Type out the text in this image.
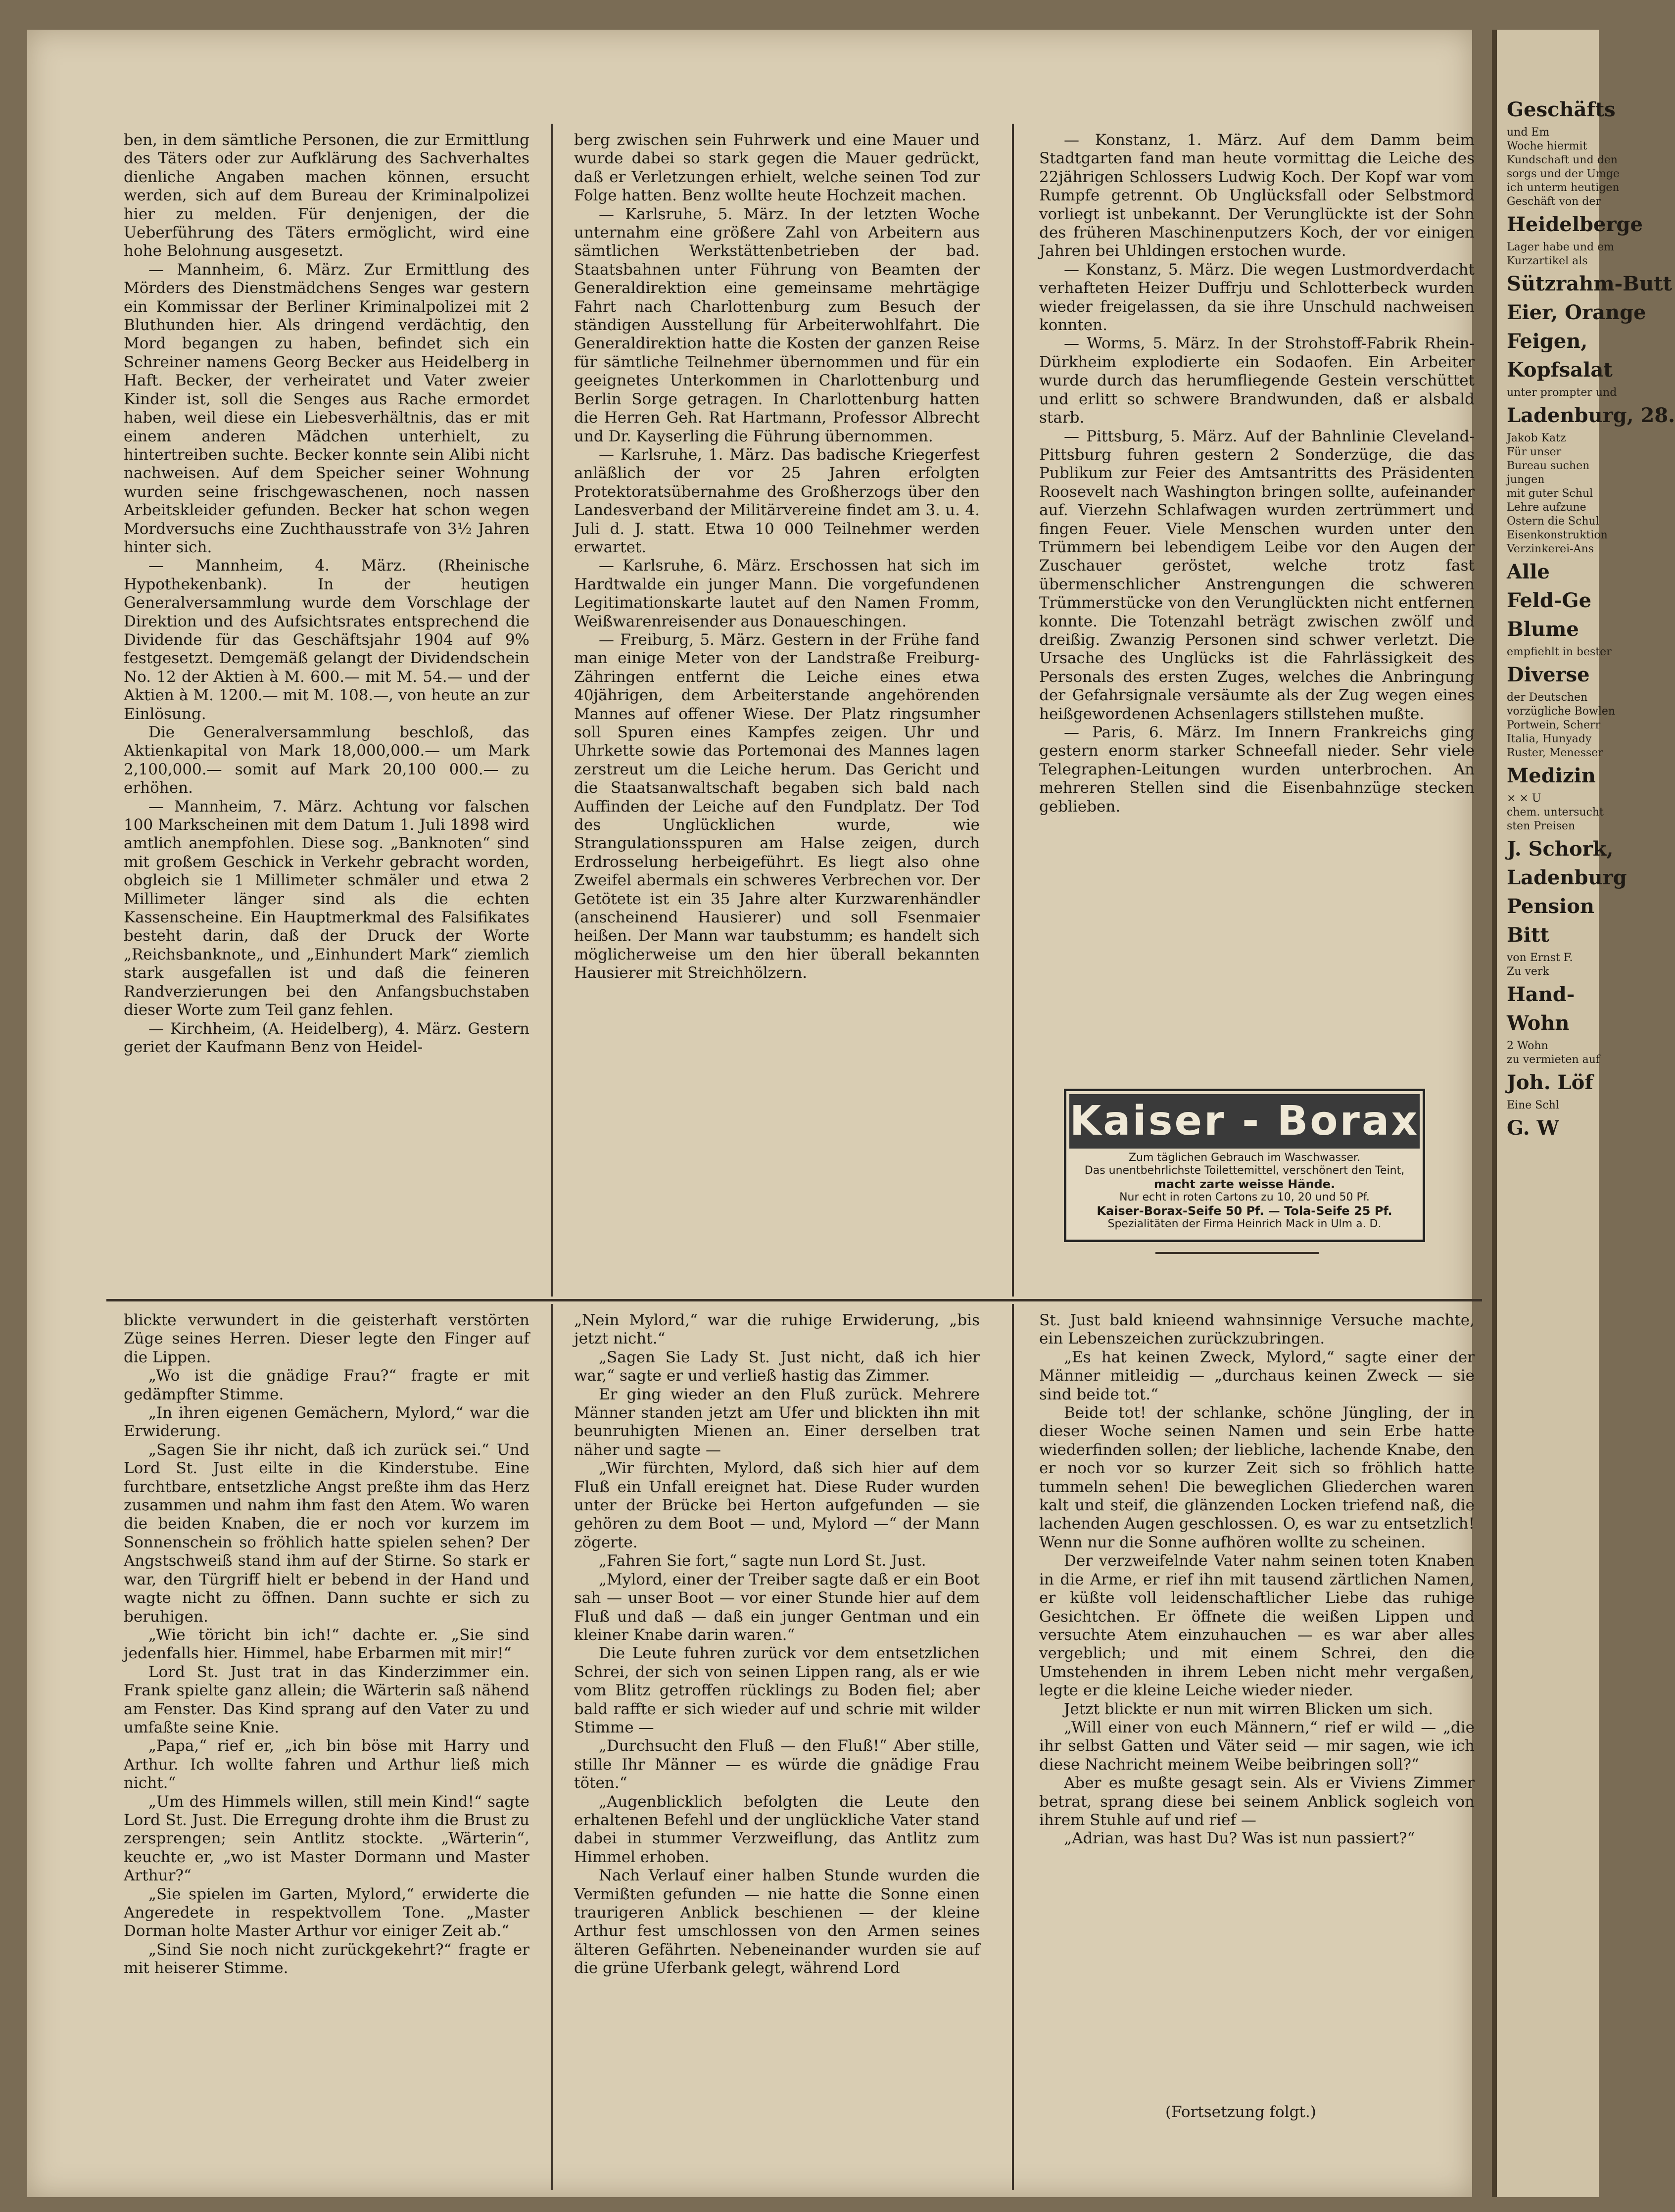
ben, in dem sämtliche Personen, die zur Ermittlung des Täters oder zur Aufklärung des Sachverhaltes dienliche Angaben machen können, ersucht werden, sich auf dem Bureau der Kriminalpolizei hier zu melden. Für denjenigen, der die Ueberführung des Täters ermöglicht, wird eine hohe Belohnung ausgesetzt.

— Mannheim, 6. März. Zur Ermittlung des Mörders des Dienstmädchens Senges war gestern ein Kommissar der Berliner Kriminalpolizei mit 2 Bluthunden hier. Als dringend verdächtig, den Mord begangen zu haben, befindet sich ein Schreiner namens Georg Becker aus Heidelberg in Haft. Becker, der verheiratet und Vater zweier Kinder ist, soll die Senges aus Rache ermordet haben, weil diese ein Liebesverhältnis, das er mit einem anderen Mädchen unterhielt, zu hintertreiben suchte. Becker konnte sein Alibi nicht nachweisen. Auf dem Speicher seiner Wohnung wurden seine frischgewaschenen, noch nassen Arbeitskleider gefunden. Becker hat schon wegen Mordversuchs eine Zuchthausstrafe von 3½ Jahren hinter sich.

— Mannheim, 4. März. (Rheinische Hypothekenbank). In der heutigen Generalversammlung wurde dem Vorschlage der Direktion und des Aufsichtsrates entsprechend die Dividende für das Geschäftsjahr 1904 auf 9% festgesetzt. Demgemäß gelangt der Dividendschein No. 12 der Aktien à M. 600.— mit M. 54.— und der Aktien à M. 1200.— mit M. 108.—, von heute an zur Einlösung.

Die Generalversammlung beschloß, das Aktienkapital von Mark 18,000,000.— um Mark 2,100,000.— somit auf Mark 20,100 000.— zu erhöhen.

— Mannheim, 7. März. Achtung vor falschen 100 Markscheinen mit dem Datum 1. Juli 1898 wird amtlich anempfohlen. Diese sog. „Banknoten“ sind mit großem Geschick in Verkehr gebracht worden, obgleich sie 1 Millimeter schmäler und etwa 2 Millimeter länger sind als die echten Kassenscheine. Ein Hauptmerkmal des Falsifikates besteht darin, daß der Druck der Worte „Reichsbanknote„ und „Einhundert Mark“ ziemlich stark ausgefallen ist und daß die feineren Randverzierungen bei den Anfangsbuchstaben dieser Worte zum Teil ganz fehlen.

— Kirchheim, (A. Heidelberg), 4. März. Gestern geriet der Kaufmann Benz von Heidel-

berg zwischen sein Fuhrwerk und eine Mauer und wurde dabei so stark gegen die Mauer gedrückt, daß er Verletzungen erhielt, welche seinen Tod zur Folge hatten. Benz wollte heute Hochzeit machen.

— Karlsruhe, 5. März. In der letzten Woche unternahm eine größere Zahl von Arbeitern aus sämtlichen Werkstättenbetrieben der bad. Staatsbahnen unter Führung von Beamten der Generaldirektion eine gemeinsame mehrtägige Fahrt nach Charlottenburg zum Besuch der ständigen Ausstellung für Arbeiterwohlfahrt. Die Generaldirektion hatte die Kosten der ganzen Reise für sämtliche Teilnehmer übernommen und für ein geeignetes Unterkommen in Charlottenburg und Berlin Sorge getragen. In Charlottenburg hatten die Herren Geh. Rat Hartmann, Professor Albrecht und Dr. Kayserling die Führung übernommen.

— Karlsruhe, 1. März. Das badische Kriegerfest anläßlich der vor 25 Jahren erfolgten Protektoratsübernahme des Großherzogs über den Landesverband der Militärvereine findet am 3. u. 4. Juli d. J. statt. Etwa 10 000 Teilnehmer werden erwartet.

— Karlsruhe, 6. März. Erschossen hat sich im Hardtwalde ein junger Mann. Die vorgefundenen Legitimationskarte lautet auf den Namen Fromm, Weißwarenreisender aus Donaueschingen.

— Freiburg, 5. März. Gestern in der Frühe fand man einige Meter von der Landstraße Freiburg-Zähringen entfernt die Leiche eines etwa 40jährigen, dem Arbeiterstande angehörenden Mannes auf offener Wiese. Der Platz ringsumher soll Spuren eines Kampfes zeigen. Uhr und Uhrkette sowie das Portemonai des Mannes lagen zerstreut um die Leiche herum. Das Gericht und die Staatsanwaltschaft begaben sich bald nach Auffinden der Leiche auf den Fundplatz. Der Tod des Unglücklichen wurde, wie Strangulationsspuren am Halse zeigen, durch Erdrosselung herbeigeführt. Es liegt also ohne Zweifel abermals ein schweres Verbrechen vor. Der Getötete ist ein 35 Jahre alter Kurzwarenhändler (anscheinend Hausierer) und soll Fsenmaier heißen. Der Mann war taubstumm; es handelt sich möglicherweise um den hier überall bekannten Hausierer mit Streichhölzern.

— Konstanz, 1. März. Auf dem Damm beim Stadtgarten fand man heute vormittag die Leiche des 22jährigen Schlossers Ludwig Koch. Der Kopf war vom Rumpfe getrennt. Ob Unglücksfall oder Selbstmord vorliegt ist unbekannt. Der Verunglückte ist der Sohn des früheren Maschinenputzers Koch, der vor einigen Jahren bei Uhldingen erstochen wurde.

— Konstanz, 5. März. Die wegen Lustmordverdacht verhafteten Heizer Duffrju und Schlotterbeck wurden wieder freigelassen, da sie ihre Unschuld nachweisen konnten.

— Worms, 5. März. In der Strohstoff-Fabrik Rhein-Dürkheim explodierte ein Sodaofen. Ein Arbeiter wurde durch das herumfliegende Gestein verschüttet und erlitt so schwere Brandwunden, daß er alsbald starb.

— Pittsburg, 5. März. Auf der Bahnlinie Cleveland-Pittsburg fuhren gestern 2 Sonderzüge, die das Publikum zur Feier des Amtsantritts des Präsidenten Roosevelt nach Washington bringen sollte, aufeinander auf. Vierzehn Schlafwagen wurden zertrümmert und fingen Feuer. Viele Menschen wurden unter den Trümmern bei lebendigem Leibe vor den Augen der Zuschauer geröstet, welche trotz fast übermenschlicher Anstrengungen die schweren Trümmerstücke von den Verunglückten nicht entfernen konnte. Die Totenzahl beträgt zwischen zwölf und dreißig. Zwanzig Personen sind schwer verletzt. Die Ursache des Unglücks ist die Fahrlässigkeit des Personals des ersten Zuges, welches die Anbringung der Gefahrsignale versäumte als der Zug wegen eines heißgewordenen Achsenlagers stillstehen mußte.

— Paris, 6. März. Im Innern Frankreichs ging gestern enorm starker Schneefall nieder. Sehr viele Telegraphen-Leitungen wurden unterbrochen. An mehreren Stellen sind die Eisenbahnzüge stecken geblieben.

Kaiser - Borax
Zum täglichen Gebrauch im Waschwasser.
Das unentbehrlichste Toilettemittel, verschönert den Teint,
macht zarte weisse Hände.
Nur echt in roten Cartons zu 10, 20 und 50 Pf.
Kaiser-Borax-Seife 50 Pf. — Tola-Seife 25 Pf.
Spezialitäten der Firma Heinrich Mack in Ulm a. D.

blickte verwundert in die geisterhaft verstörten Züge seines Herren. Dieser legte den Finger auf die Lippen.

„Wo ist die gnädige Frau?“ fragte er mit gedämpfter Stimme.

„In ihren eigenen Gemächern, Mylord,“ war die Erwiderung.

„Sagen Sie ihr nicht, daß ich zurück sei.“ Und Lord St. Just eilte in die Kinderstube. Eine furchtbare, entsetzliche Angst preßte ihm das Herz zusammen und nahm ihm fast den Atem. Wo waren die beiden Knaben, die er noch vor kurzem im Sonnenschein so fröhlich hatte spielen sehen? Der Angstschweiß stand ihm auf der Stirne. So stark er war, den Türgriff hielt er bebend in der Hand und wagte nicht zu öffnen. Dann suchte er sich zu beruhigen.

„Wie töricht bin ich!“ dachte er. „Sie sind jedenfalls hier. Himmel, habe Erbarmen mit mir!“

Lord St. Just trat in das Kinderzimmer ein. Frank spielte ganz allein; die Wärterin saß nähend am Fenster. Das Kind sprang auf den Vater zu und umfaßte seine Knie.

„Papa,“ rief er, „ich bin böse mit Harry und Arthur. Ich wollte fahren und Arthur ließ mich nicht.“

„Um des Himmels willen, still mein Kind!“ sagte Lord St. Just. Die Erregung drohte ihm die Brust zu zersprengen; sein Antlitz stockte. „Wärterin“, keuchte er, „wo ist Master Dormann und Master Arthur?“

„Sie spielen im Garten, Mylord,“ erwiderte die Angeredete in respektvollem Tone. „Master Dorman holte Master Arthur vor einiger Zeit ab.“

„Sind Sie noch nicht zurückgekehrt?“ fragte er mit heiserer Stimme.

„Nein Mylord,“ war die ruhige Erwiderung, „bis jetzt nicht.“

„Sagen Sie Lady St. Just nicht, daß ich hier war,“ sagte er und verließ hastig das Zimmer.

Er ging wieder an den Fluß zurück. Mehrere Männer standen jetzt am Ufer und blickten ihn mit beunruhigten Mienen an. Einer derselben trat näher und sagte —

„Wir fürchten, Mylord, daß sich hier auf dem Fluß ein Unfall ereignet hat. Diese Ruder wurden unter der Brücke bei Herton aufgefunden — sie gehören zu dem Boot — und, Mylord —“ der Mann zögerte.

„Fahren Sie fort,“ sagte nun Lord St. Just.

„Mylord, einer der Treiber sagte daß er ein Boot sah — unser Boot — vor einer Stunde hier auf dem Fluß und daß — daß ein junger Gentman und ein kleiner Knabe darin waren.“

Die Leute fuhren zurück vor dem entsetzlichen Schrei, der sich von seinen Lippen rang, als er wie vom Blitz getroffen rücklings zu Boden fiel; aber bald raffte er sich wieder auf und schrie mit wilder Stimme —

„Durchsucht den Fluß — den Fluß!“ Aber stille, stille Ihr Männer — es würde die gnädige Frau töten.“

„Augenblicklich befolgten die Leute den erhaltenen Befehl und der unglückliche Vater stand dabei in stummer Verzweiflung, das Antlitz zum Himmel erhoben.

Nach Verlauf einer halben Stunde wurden die Vermißten gefunden — nie hatte die Sonne einen traurigeren Anblick beschienen — der kleine Arthur fest umschlossen von den Armen seines älteren Gefährten. Nebeneinander wurden sie auf die grüne Uferbank gelegt, während Lord

St. Just bald knieend wahnsinnige Versuche machte, ein Lebenszeichen zurückzubringen.

„Es hat keinen Zweck, Mylord,“ sagte einer der Männer mitleidig — „durchaus keinen Zweck — sie sind beide tot.“

Beide tot! der schlanke, schöne Jüngling, der in dieser Woche seinen Namen und sein Erbe hatte wiederfinden sollen; der liebliche, lachende Knabe, den er noch vor so kurzer Zeit sich so fröhlich hatte tummeln sehen! Die beweglichen Gliederchen waren kalt und steif, die glänzenden Locken triefend naß, die lachenden Augen geschlossen. O, es war zu entsetzlich! Wenn nur die Sonne aufhören wollte zu scheinen.

Der verzweifelnde Vater nahm seinen toten Knaben in die Arme, er rief ihn mit tausend zärtlichen Namen, er küßte voll leidenschaftlicher Liebe das ruhige Gesichtchen. Er öffnete die weißen Lippen und versuchte Atem einzuhauchen — es war aber alles vergeblich; und mit einem Schrei, den die Umstehenden in ihrem Leben nicht mehr vergaßen, legte er die kleine Leiche wieder nieder.

Jetzt blickte er nun mit wirren Blicken um sich.

„Will einer von euch Männern,“ rief er wild — „die ihr selbst Gatten und Väter seid — mir sagen, wie ich diese Nachricht meinem Weibe beibringen soll?“

Aber es mußte gesagt sein. Als er Viviens Zimmer betrat, sprang diese bei seinem Anblick sogleich von ihrem Stuhle auf und rief —

„Adrian, was hast Du? Was ist nun passiert?“

(Fortsetzung folgt.)
Geschäfts
und Em
Woche hiermit
Kundschaft und den
sorgs und der Umge
ich unterm heutigen
Geschäft von der
Heidelberge
Lager habe und em
Kurzartikel als
Sützrahm-Butt
Eier, Orange
Feigen,
Kopfsalat
unter prompter und
Ladenburg, 28.
Jakob Katz
Für unser
Bureau suchen
jungen
mit guter Schul
Lehre aufzune
Ostern die Schul
Eisenkonstruktion
Verzinkerei-Ans
Alle
Feld-Ge
Blume
empfiehlt in bester
Diverse
der Deutschen
vorzügliche Bowlen
Portwein, Scherr
Italia, Hunyady
Ruster, Menesser
Medizin
× × U
chem. untersucht
sten Preisen
J. Schork,
Ladenburg
Pension
Bitt
von Ernst F.
Zu verk
Hand-
Wohn
2 Wohn
zu vermieten auf
Joh. Löf
Eine Schl
G. W
